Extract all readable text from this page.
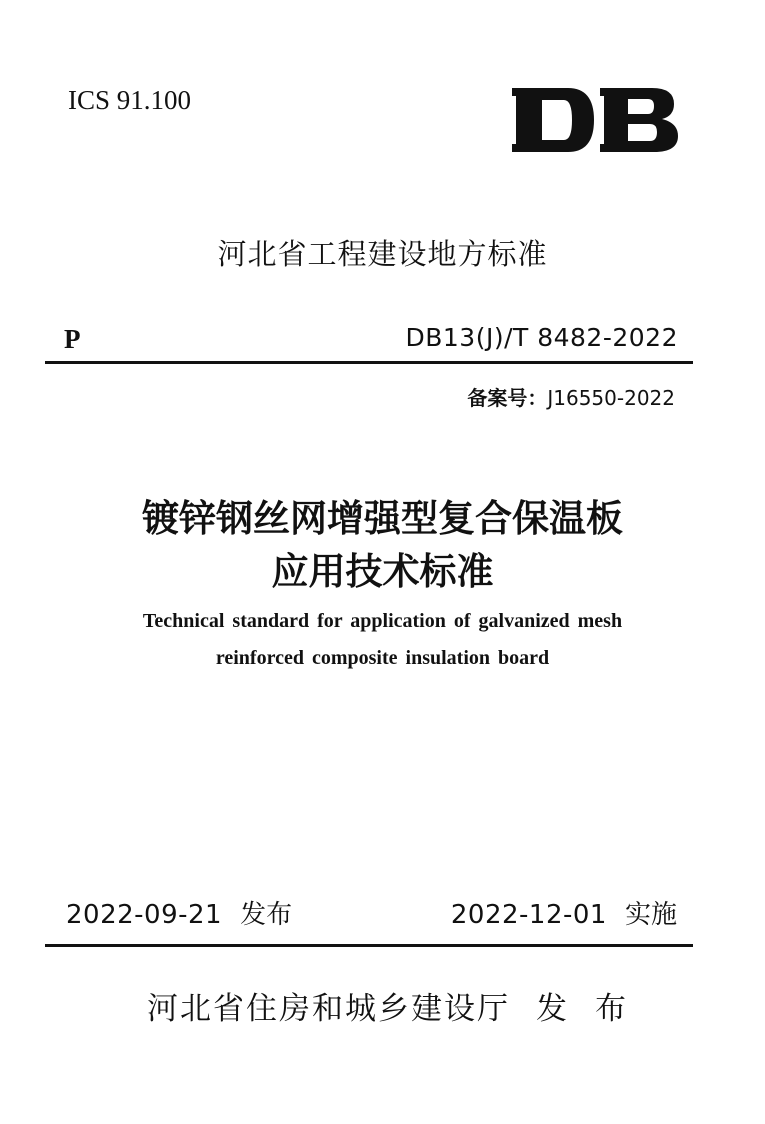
ICS 91.100
河北省工程建设地方标准
P	DB13(J)/T 8482-2022
备案号：J16550-2022
镀锌钢丝网增强型复合保温板
应用技术标准
Technical standard for application of galvanized mesh
reinforced composite insulation board
2022-09-21 发布	2022-12-01 实施
河北省住房和城乡建设厅 发 布
